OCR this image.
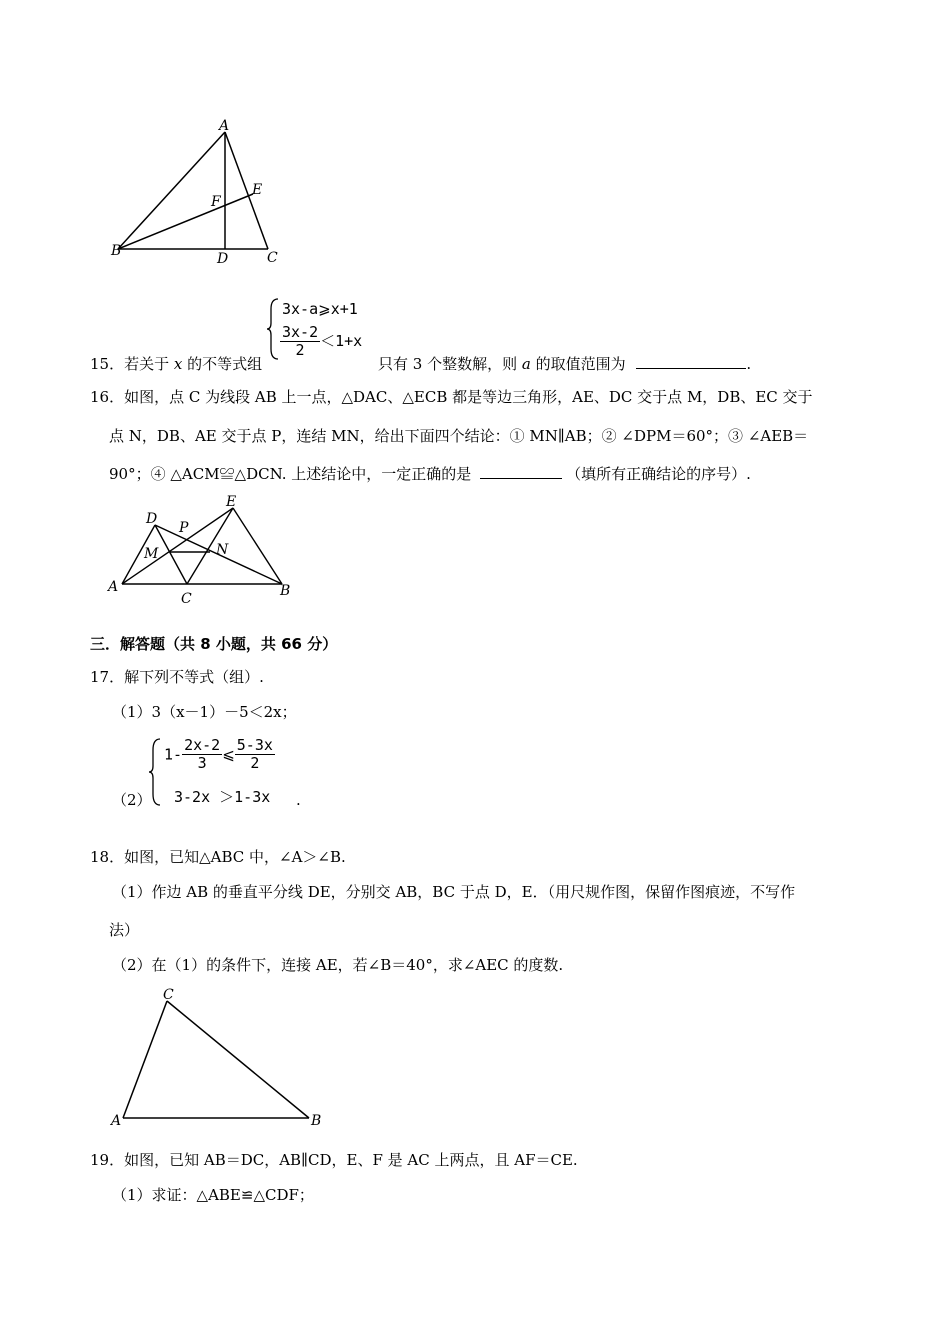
A
B	C
D
E
F
3x-a⩾x+1
$\frac{3x-2}{2} <1+x$
15．若关于 x 的不等式组	只有 3 个整数解，则 a 的取值范围为	.
16．如图，点 C 为线段 AB 上一点，△DAC、△ECB 都是等边三角形，AE、DC 交于点 M，DB、EC 交于
点 N，DB、AE 交于点 P，连结 MN，给出下面四个结论：① MN∥AB；② ∠DPM＝60°；③ ∠AEB＝
90°；④ △ACM≌△DCN. 上述结论中，一定正确的是	（填所有正确结论的序号）.
D
E
P
M	N
A
C	B
三．解答题（共 8 小题，共 66 分）
17．解下列不等式（组）.
（1）3（x－1）－5＜2x；
$1- \frac{2x-2}{3}$ ⩽ $\frac{5-3x}{2}$
（2） 3-2x ＞1-3x .
18．如图，已知△ABC 中，∠A＞∠B.
（1）作边 AB 的垂直平分线 DE，分别交 AB，BC 于点 D，E．（用尺规作图，保留作图痕迹，不写作
法）
（2）在（1）的条件下，连接 AE，若∠B＝40°，求∠AEC 的度数.
C
A	B
19．如图，已知 AB＝DC，AB∥CD，E、F 是 AC 上两点，且 AF＝CE.
（1）求证：△ABE≌△CDF；
